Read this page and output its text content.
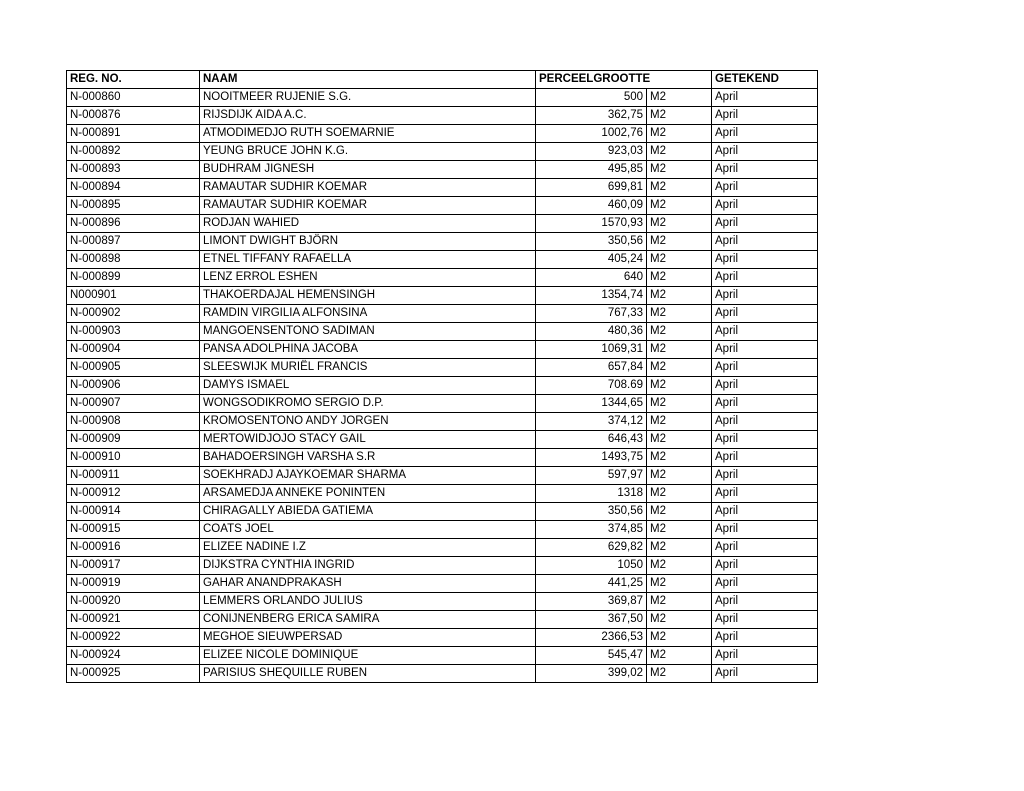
REG. NO.	NAAM	PERCEELGROOTTE		GETEKEND
N-000860	NOOITMEER RUJENIE S.G.	500	M2	April
N-000876	RIJSDIJK AIDA A.C.	362,75	M2	April
N-000891	ATMODIMEDJO RUTH SOEMARNIE	1002,76	M2	April
N-000892	YEUNG BRUCE JOHN K.G.	923,03	M2	April
N-000893	BUDHRAM JIGNESH	495,85	M2	April
N-000894	RAMAUTAR SUDHIR KOEMAR	699,81	M2	April
N-000895	RAMAUTAR SUDHIR KOEMAR	460,09	M2	April
N-000896	RODJAN WAHIED	1570,93	M2	April
N-000897	LIMONT DWIGHT BJÖRN	350,56	M2	April
N-000898	ETNEL TIFFANY RAFAELLA	405,24	M2	April
N-000899	LENZ ERROL ESHEN	640	M2	April
N000901	THAKOERDAJAL HEMENSINGH	1354,74	M2	April
N-000902	RAMDIN VIRGILIA ALFONSINA	767,33	M2	April
N-000903	MANGOENSENTONO SADIMAN	480,36	M2	April
N-000904	PANSA ADOLPHINA JACOBA	1069,31	M2	April
N-000905	SLEESWIJK MURIËL FRANCIS	657,84	M2	April
N-000906	DAMYS ISMAEL	708.69	M2	April
N-000907	WONGSODIKROMO SERGIO D.P.	1344,65	M2	April
N-000908	KROMOSENTONO ANDY JORGEN	374,12	M2	April
N-000909	MERTOWIDJOJO STACY GAIL	646,43	M2	April
N-000910	BAHADOERSINGH VARSHA S.R	1493,75	M2	April
N-000911	SOEKHRADJ AJAYKOEMAR SHARMA	597,97	M2	April
N-000912	ARSAMEDJA ANNEKE PONINTEN	1318	M2	April
N-000914	CHIRAGALLY ABIEDA GATIEMA	350,56	M2	April
N-000915	COATS JOEL	374,85	M2	April
N-000916	ELIZEE NADINE I.Z	629,82	M2	April
N-000917	DIJKSTRA CYNTHIA INGRID	1050	M2	April
N-000919	GAHAR ANANDPRAKASH	441,25	M2	April
N-000920	LEMMERS ORLANDO JULIUS	369,87	M2	April
N-000921	CONIJNENBERG ERICA SAMIRA	367,50	M2	April
N-000922	MEGHOE SIEUWPERSAD	2366,53	M2	April
N-000924	ELIZEE NICOLE DOMINIQUE	545,47	M2	April
N-000925	PARISIUS SHEQUILLE RUBEN	399,02	M2	April
